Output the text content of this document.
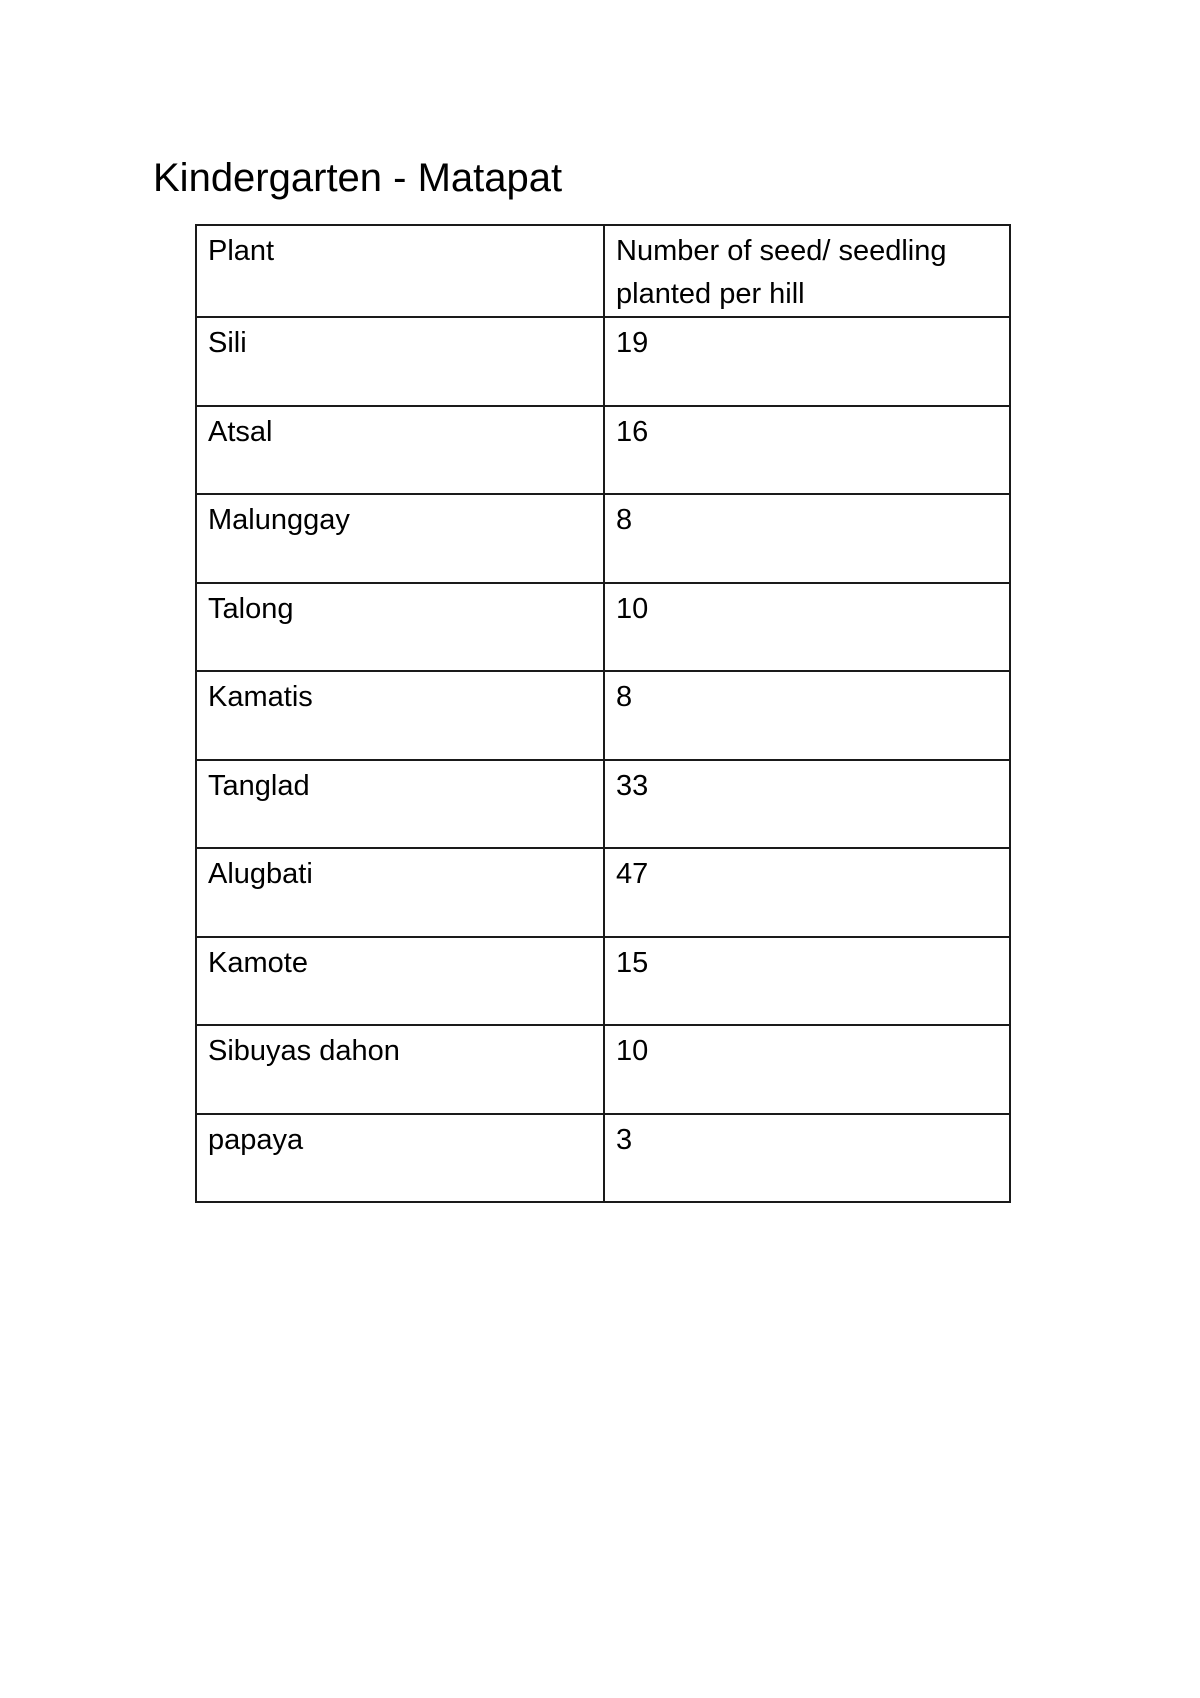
Kindergarten - Matapat
Plant	Number of seed/ seedling planted per hill
Sili	19
Atsal	16
Malunggay	8
Talong	10
Kamatis	8
Tanglad	33
Alugbati	47
Kamote	15
Sibuyas dahon	10
papaya	3
